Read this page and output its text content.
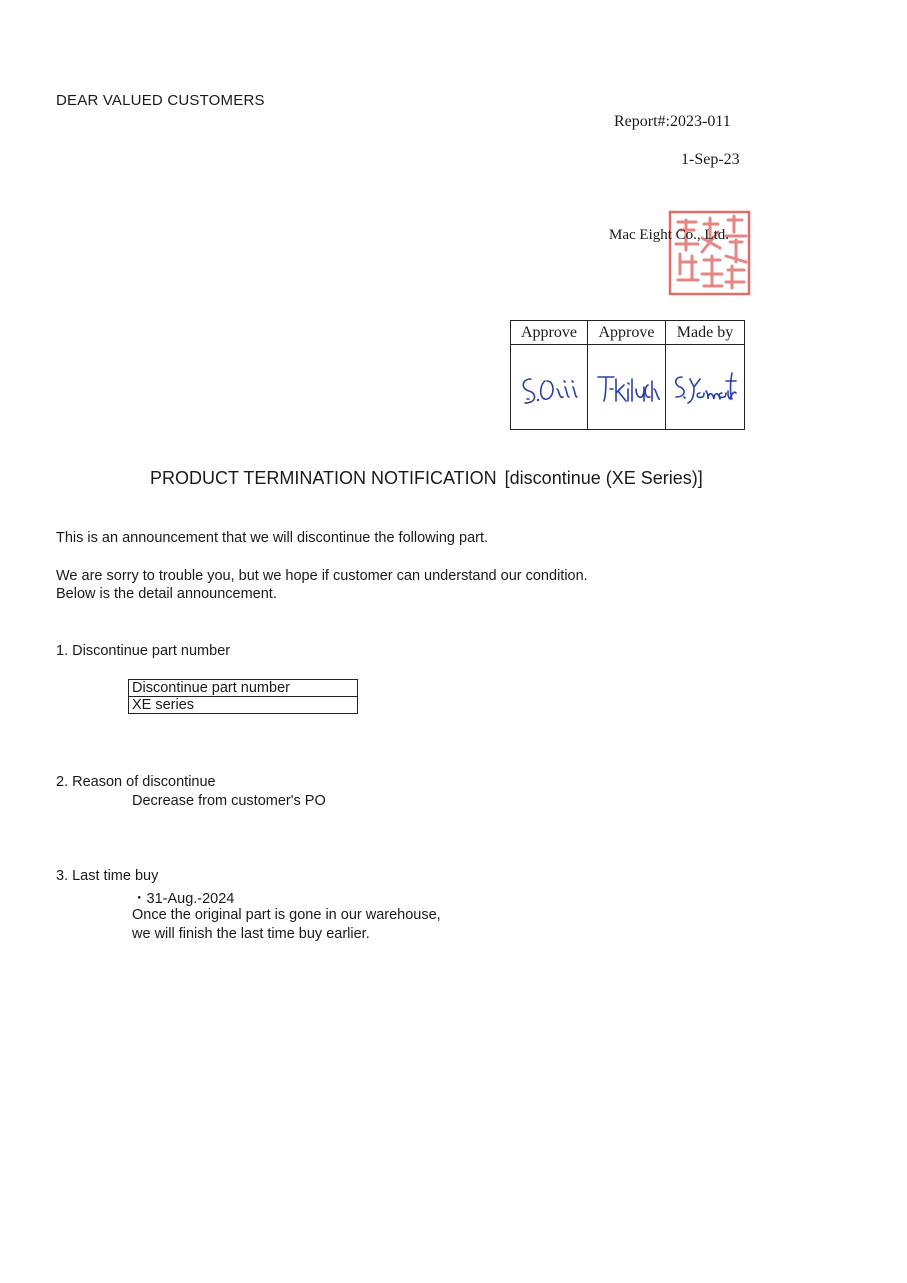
DEAR VALUED CUSTOMERS
Report#:2023-011
1-Sep-23
Mac Eight Co., Ltd.
Approve	Approve	Made by

PRODUCT TERMINATION NOTIFICATION [discontinue (XE Series)]
This is an announcement that we will discontinue the following part.
We are sorry to trouble you, but we hope if customer can understand our condition.
Below is the detail announcement.
1. Discontinue part number
Discontinue part number
XE series
2. Reason of discontinue
Decrease from customer's PO
3. Last time buy
・31-Aug.-2024
Once the original part is gone in our warehouse,
we will finish the last time buy earlier.
